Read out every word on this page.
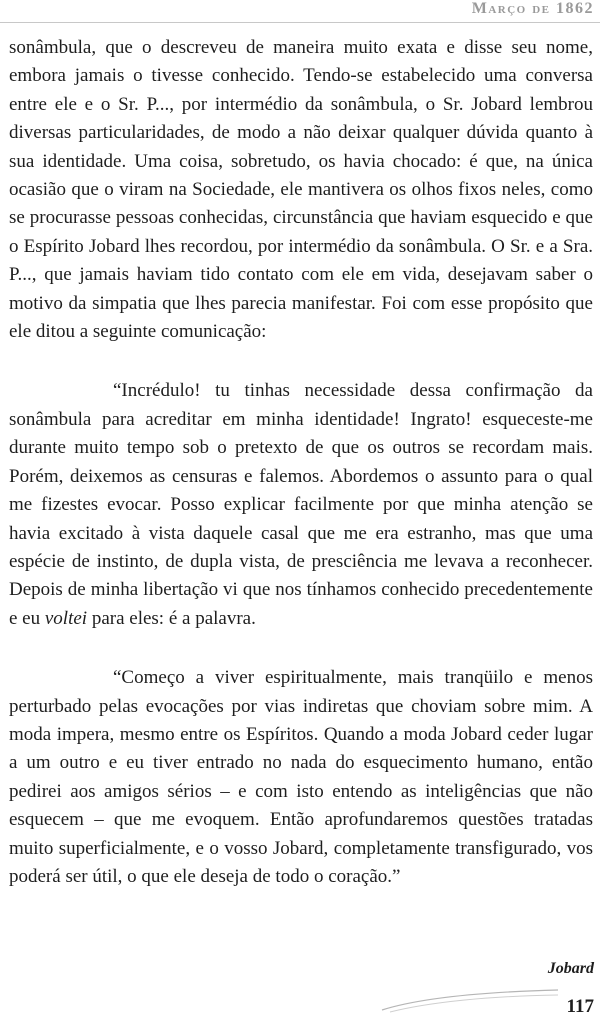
Março de 1862

sonâmbula, que o descreveu de maneira muito exata e disse seu nome, embora jamais o tivesse conhecido. Tendo-se estabelecido uma conversa entre ele e o Sr. P..., por intermédio da sonâmbula, o Sr. Jobard lembrou diversas particularidades, de modo a não deixar qualquer dúvida quanto à sua identidade. Uma coisa, sobretudo, os havia chocado: é que, na única ocasião que o viram na Sociedade, ele mantivera os olhos fixos neles, como se procurasse pessoas conhecidas, circunstância que haviam esquecido e que o Espírito Jobard lhes recordou, por intermédio da sonâmbula. O Sr. e a Sra. P..., que jamais haviam tido contato com ele em vida, desejavam saber o motivo da simpatia que lhes parecia manifestar. Foi com esse propósito que ele ditou a seguinte comunicação:

“Incrédulo! tu tinhas necessidade dessa confirmação da sonâmbula para acreditar em minha identidade! Ingrato! esqueceste-me durante muito tempo sob o pretexto de que os outros se recordam mais. Porém, deixemos as censuras e falemos. Abordemos o assunto para o qual me fizestes evocar. Posso explicar facilmente por que minha atenção se havia excitado à vista daquele casal que me era estranho, mas que uma espécie de instinto, de dupla vista, de presciência me levava a reconhecer. Depois de minha libertação vi que nos tínhamos conhecido precedentemente e eu voltei para eles: é a palavra.

“Começo a viver espiritualmente, mais tranqüilo e menos perturbado pelas evocações por vias indiretas que choviam sobre mim. A moda impera, mesmo entre os Espíritos. Quando a moda Jobard ceder lugar a um outro e eu tiver entrado no nada do esquecimento humano, então pedirei aos amigos sérios – e com isto entendo as inteligências que não esquecem – que me evoquem. Então aprofundaremos questões tratadas muito superficialmente, e o vosso Jobard, completamente transfigurado, vos poderá ser útil, o que ele deseja de todo o coração.”

Jobard
117
